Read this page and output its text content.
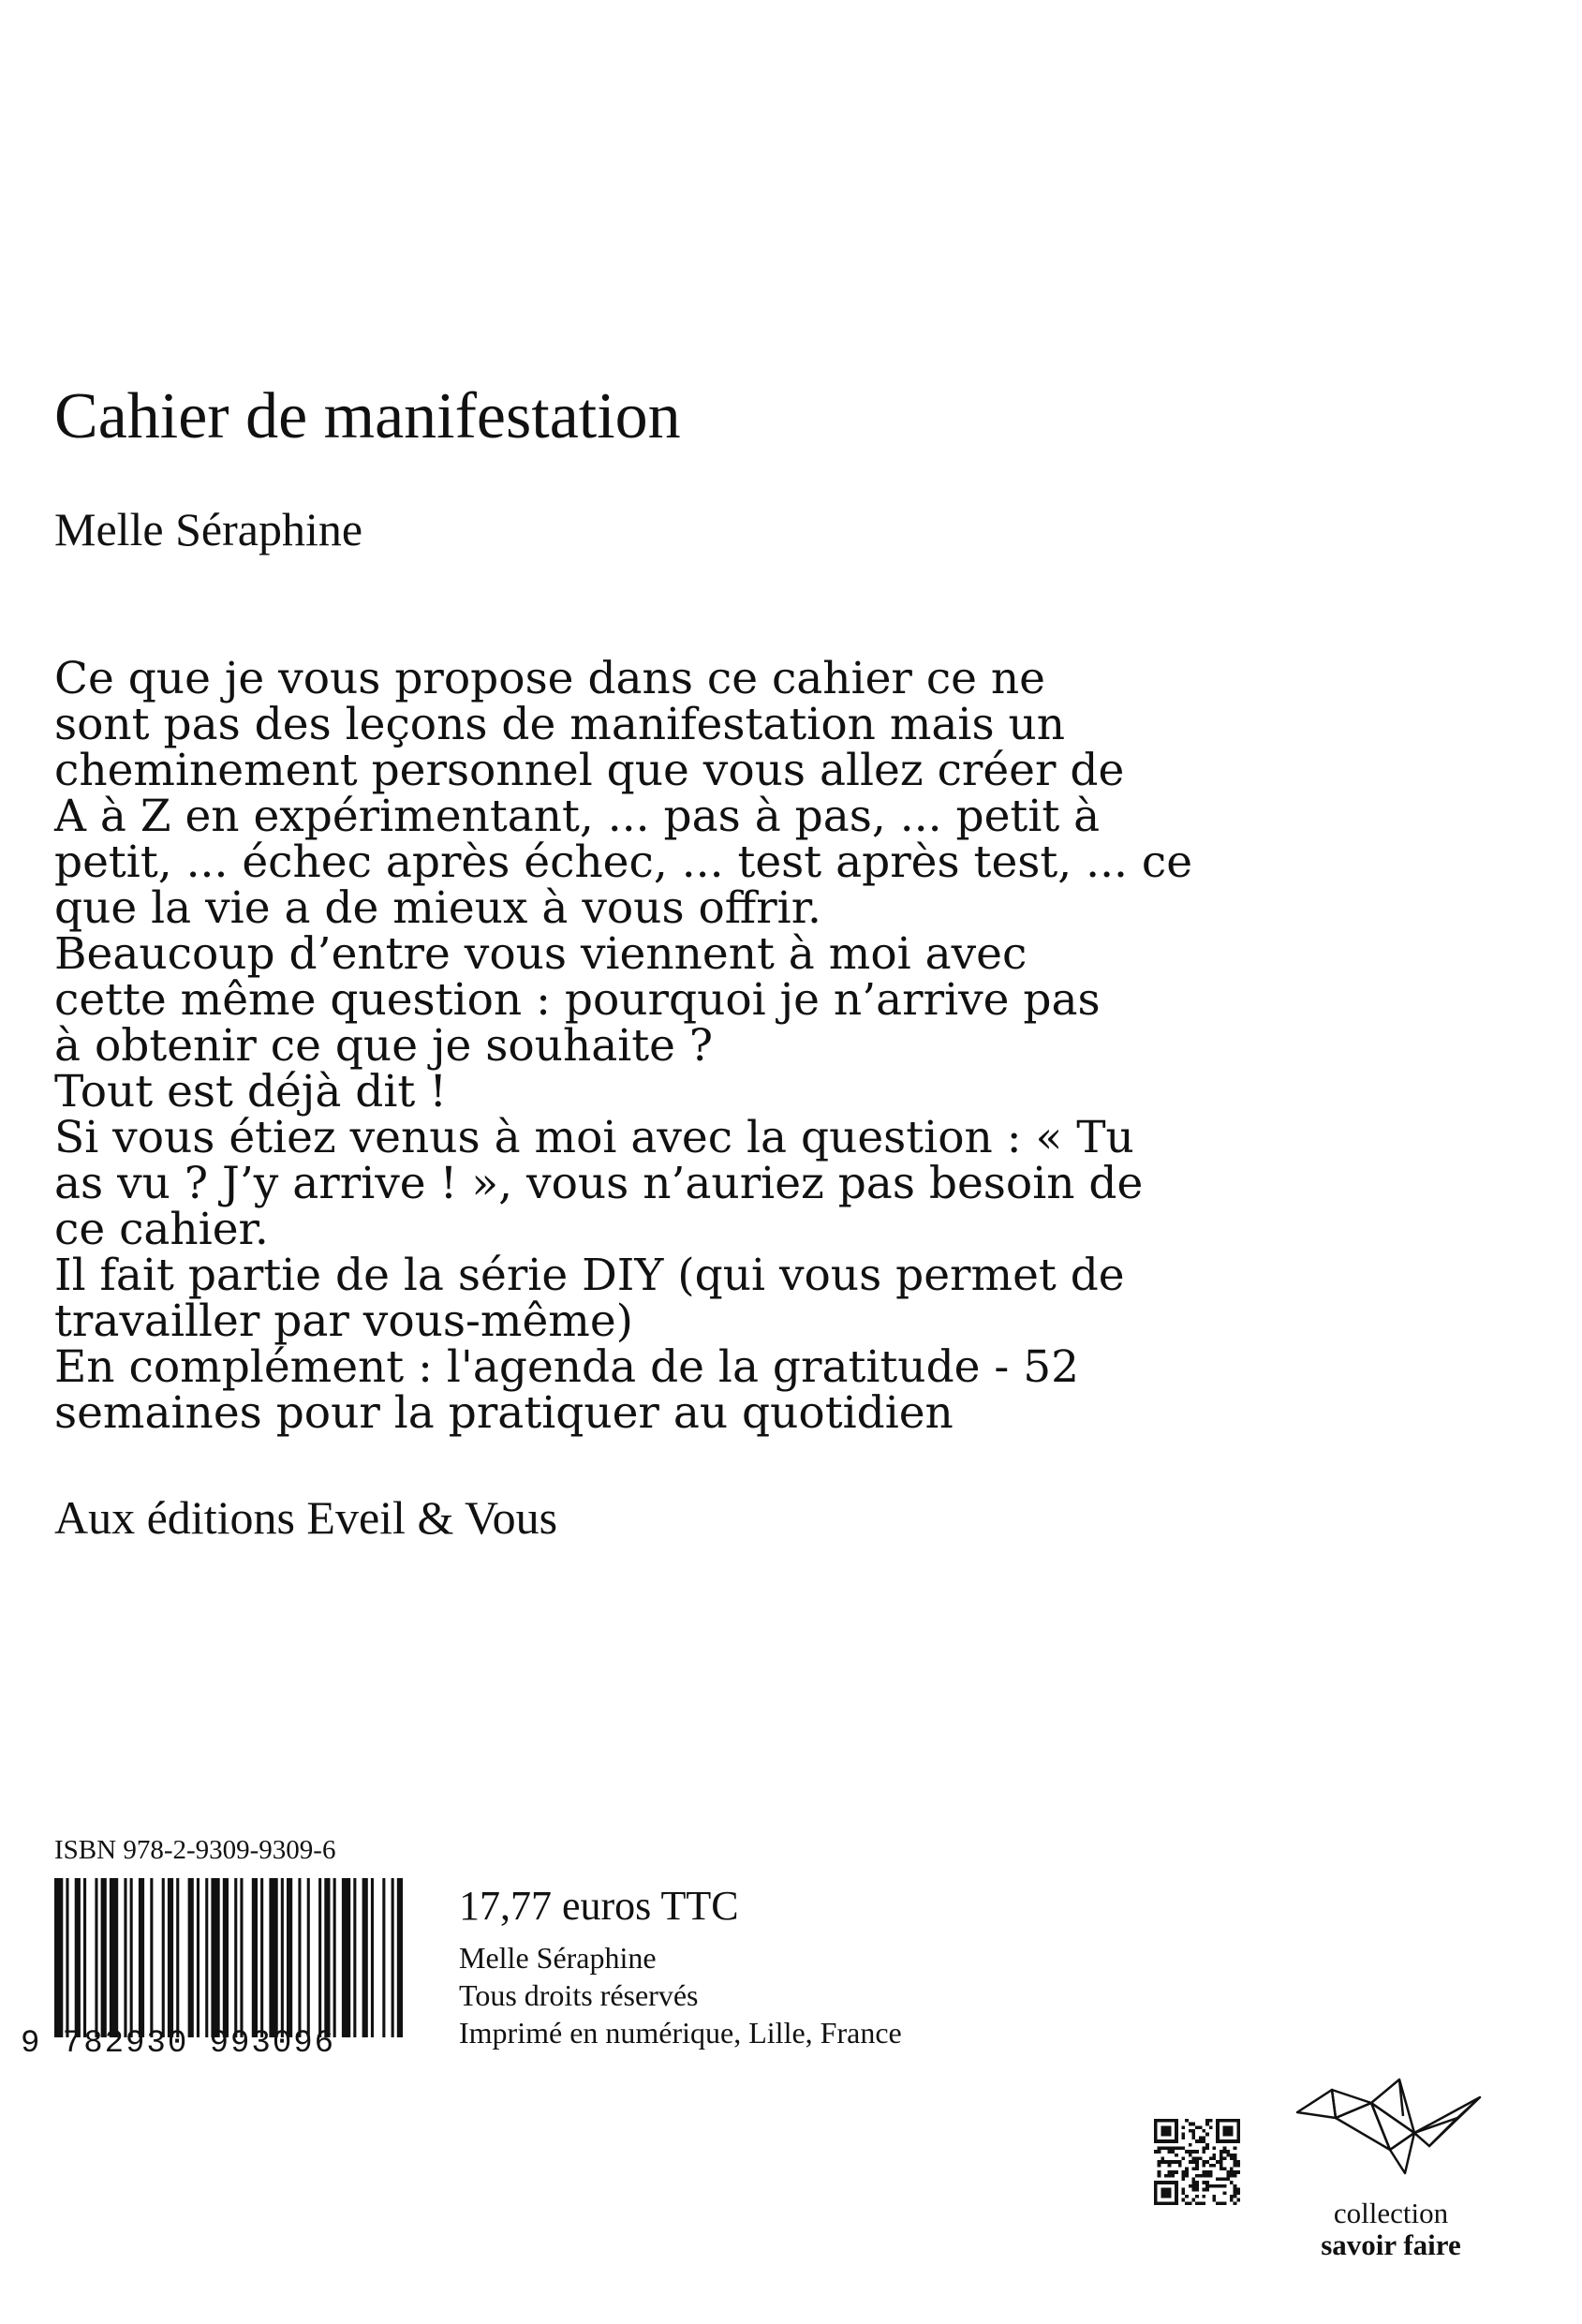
Cahier de manifestation
Melle Séraphine

Ce que je vous propose dans ce cahier ce ne

sont pas des leçons de manifestation mais un

cheminement personnel que vous allez créer de

A à Z en expérimentant, ... pas à pas, ... petit à

petit, ... échec après échec, ... test après test, ... ce

que la vie a de mieux à vous offrir.

Beaucoup d’entre vous viennent à moi avec

cette même question : pourquoi je n’arrive pas

à obtenir ce que je souhaite ?

Tout est déjà dit !

Si vous étiez venus à moi avec la question : « Tu

as vu ? J’y arrive ! », vous n’auriez pas besoin de

ce cahier.

Il fait partie de la série DIY (qui vous permet de

travailler par vous-même)

En complément : l'agenda de la gratitude - 52

semaines pour la pratiquer au quotidien

Aux éditions Eveil & Vous
ISBN 978-2-9309-9309-6
9 782930 993096
17,77 euros TTC
Melle Séraphine
Tous droits réservés
Imprimé en numérique, Lille, France
collection
savoir faire
